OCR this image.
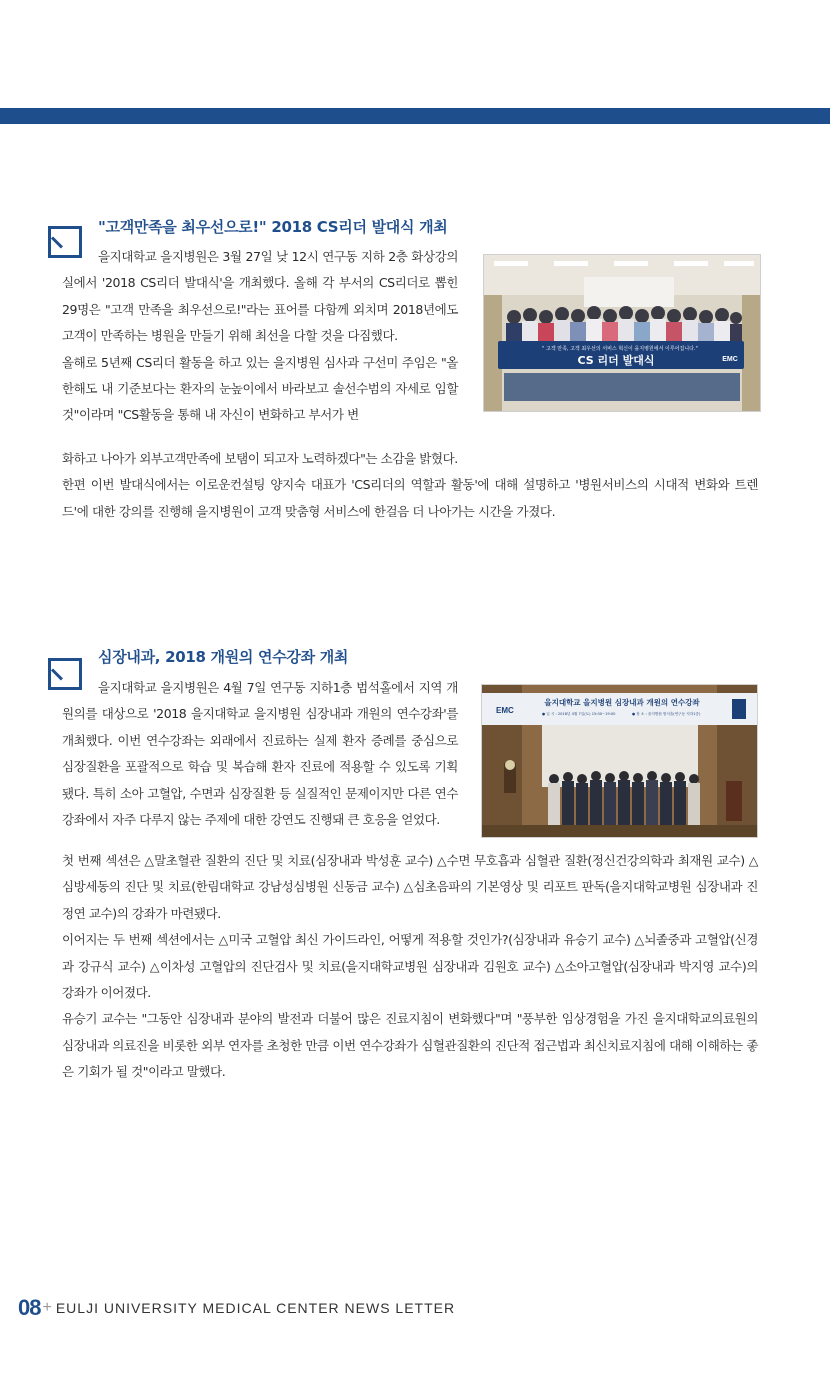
"고객만족을 최우선으로!" 2018 CS리더 발대식 개최

을지대학교 을지병원은 3월 27일 낮 12시 연구동 지하 2층 화상강의실에서 '2018 CS리더 발대식'을 개최했다. 올해 각 부서의 CS리더로 뽑힌 29명은 "고객 만족을 최우선으로!"라는 표어를 다함께 외치며 2018년에도 고객이 만족하는 병원을 만들기 위해 최선을 다할 것을 다짐했다.
올해로 5년째 CS리더 활동을 하고 있는 을지병원 심사과 구선미 주임은 "올 한해도 내 기준보다는 환자의 눈높이에서 바라보고 솔선수범의 자세로 임할 것"이라며 "CS활동을 통해 내 자신이 변화하고 부서가 변

" 고객 만족, 고객 최우선의 서비스 혁신이 을지병원에서 이루어집니다."
CS 리더 발대식	EMC

화하고 나아가 외부고객만족에 보탬이 되고자 노력하겠다"는 소감을 밝혔다.
한편 이번 발대식에서는 이로운컨설팅 양지숙 대표가 'CS리더의 역할과 활동'에 대해 설명하고 '병원서비스의 시대적 변화와 트렌드'에 대한 강의를 진행해 을지병원이 고객 맞춤형 서비스에 한걸음 더 나아가는 시간을 가졌다.

심장내과, 2018 개원의 연수강좌 개최

을지대학교 을지병원은 4월 7일 연구동 지하1층 범석홀에서 지역 개원의를 대상으로 '2018 을지대학교 을지병원 심장내과 개원의 연수강좌'를 개최했다. 이번 연수강좌는 외래에서 진료하는 실제 환자 증례를 중심으로 심장질환을 포괄적으로 학습 및 복습해 환자 진료에 적용할 수 있도록 기획됐다. 특히 소아 고혈압, 수면과 심장질환 등 실질적인 문제이지만 다른 연수강좌에서 자주 다루지 않는 주제에 대한 강연도 진행돼 큰 호응을 얻었다.

EMC
을지대학교 을지병원 심장내과 개원의 연수강좌
● 일 시 : 2018년 4월 7일(토) 15:00~19:00	● 장 소 : 을지병원 범석홀(연구동 지하1층)

첫 번째 섹션은 △말초혈관 질환의 진단 및 치료(심장내과 박성훈 교수) △수면 무호흡과 심혈관 질환(정신건강의학과 최재원 교수) △심방세동의 진단 및 치료(한림대학교 강남성심병원 신동금 교수) △심초음파의 기본영상 및 리포트 판독(을지대학교병원 심장내과 진정연 교수)의 강좌가 마련됐다.
이어지는 두 번째 섹션에서는 △미국 고혈압 최신 가이드라인, 어떻게 적용할 것인가?(심장내과 유승기 교수) △뇌졸중과 고혈압(신경과 강규식 교수) △이차성 고혈압의 진단검사 및 치료(을지대학교병원 심장내과 김원호 교수) △소아고혈압(심장내과 박지영 교수)의 강좌가 이어졌다.
유승기 교수는 "그동안 심장내과 분야의 발전과 더불어 많은 진료지침이 변화했다"며 "풍부한 임상경험을 가진 을지대학교의료원의 심장내과 의료진을 비롯한 외부 연자를 초청한 만큼 이번 연수강좌가 심혈관질환의 진단적 접근법과 최신치료지침에 대해 이해하는 좋은 기회가 될 것"이라고 말했다.

08 + EULJI UNIVERSITY MEDICAL CENTER NEWS LETTER
